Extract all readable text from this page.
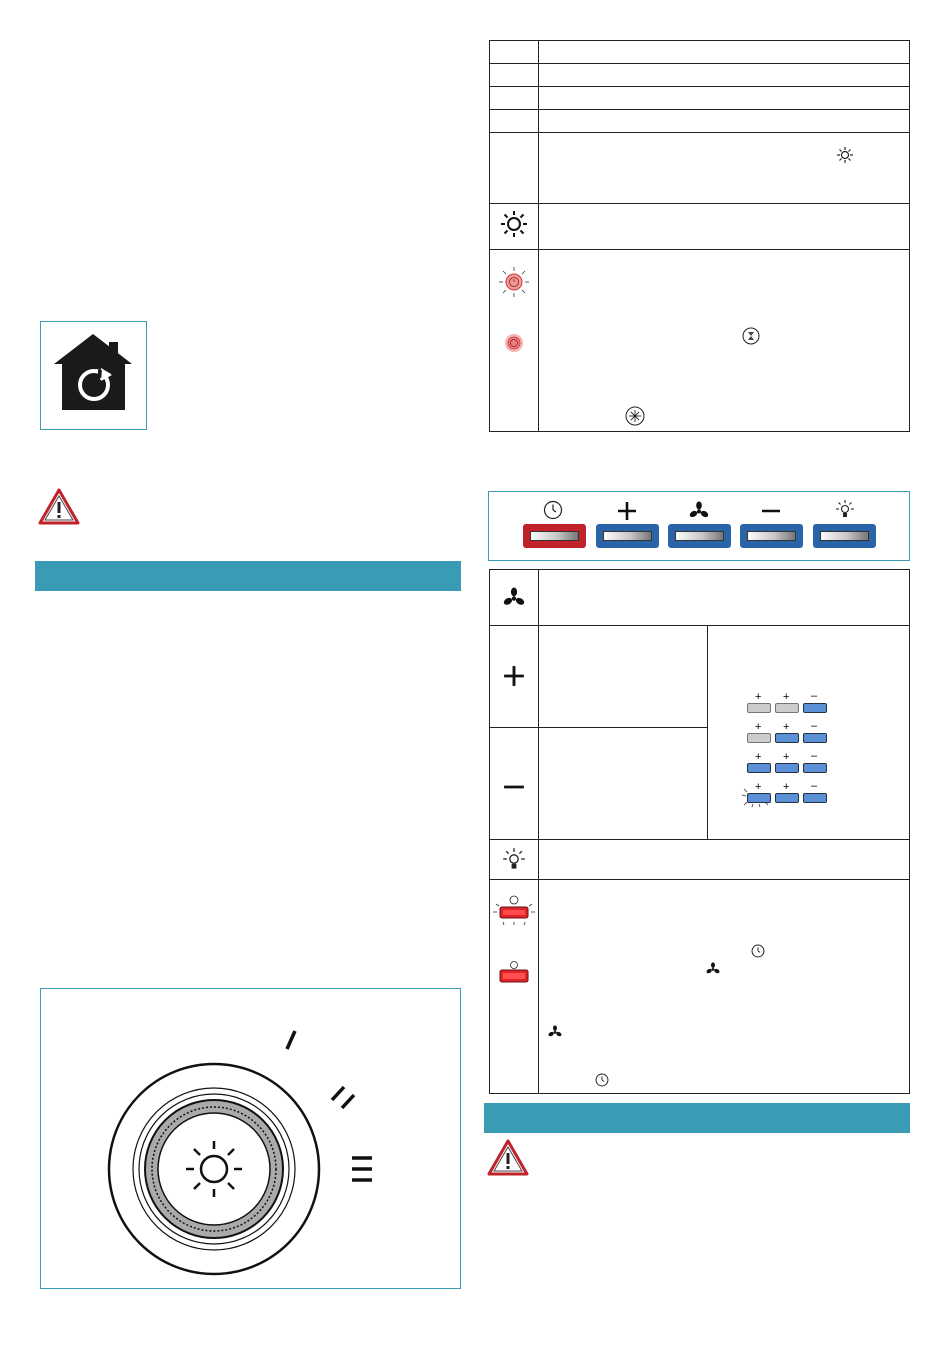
+ + –
+ + –
+ + –
+ + –
